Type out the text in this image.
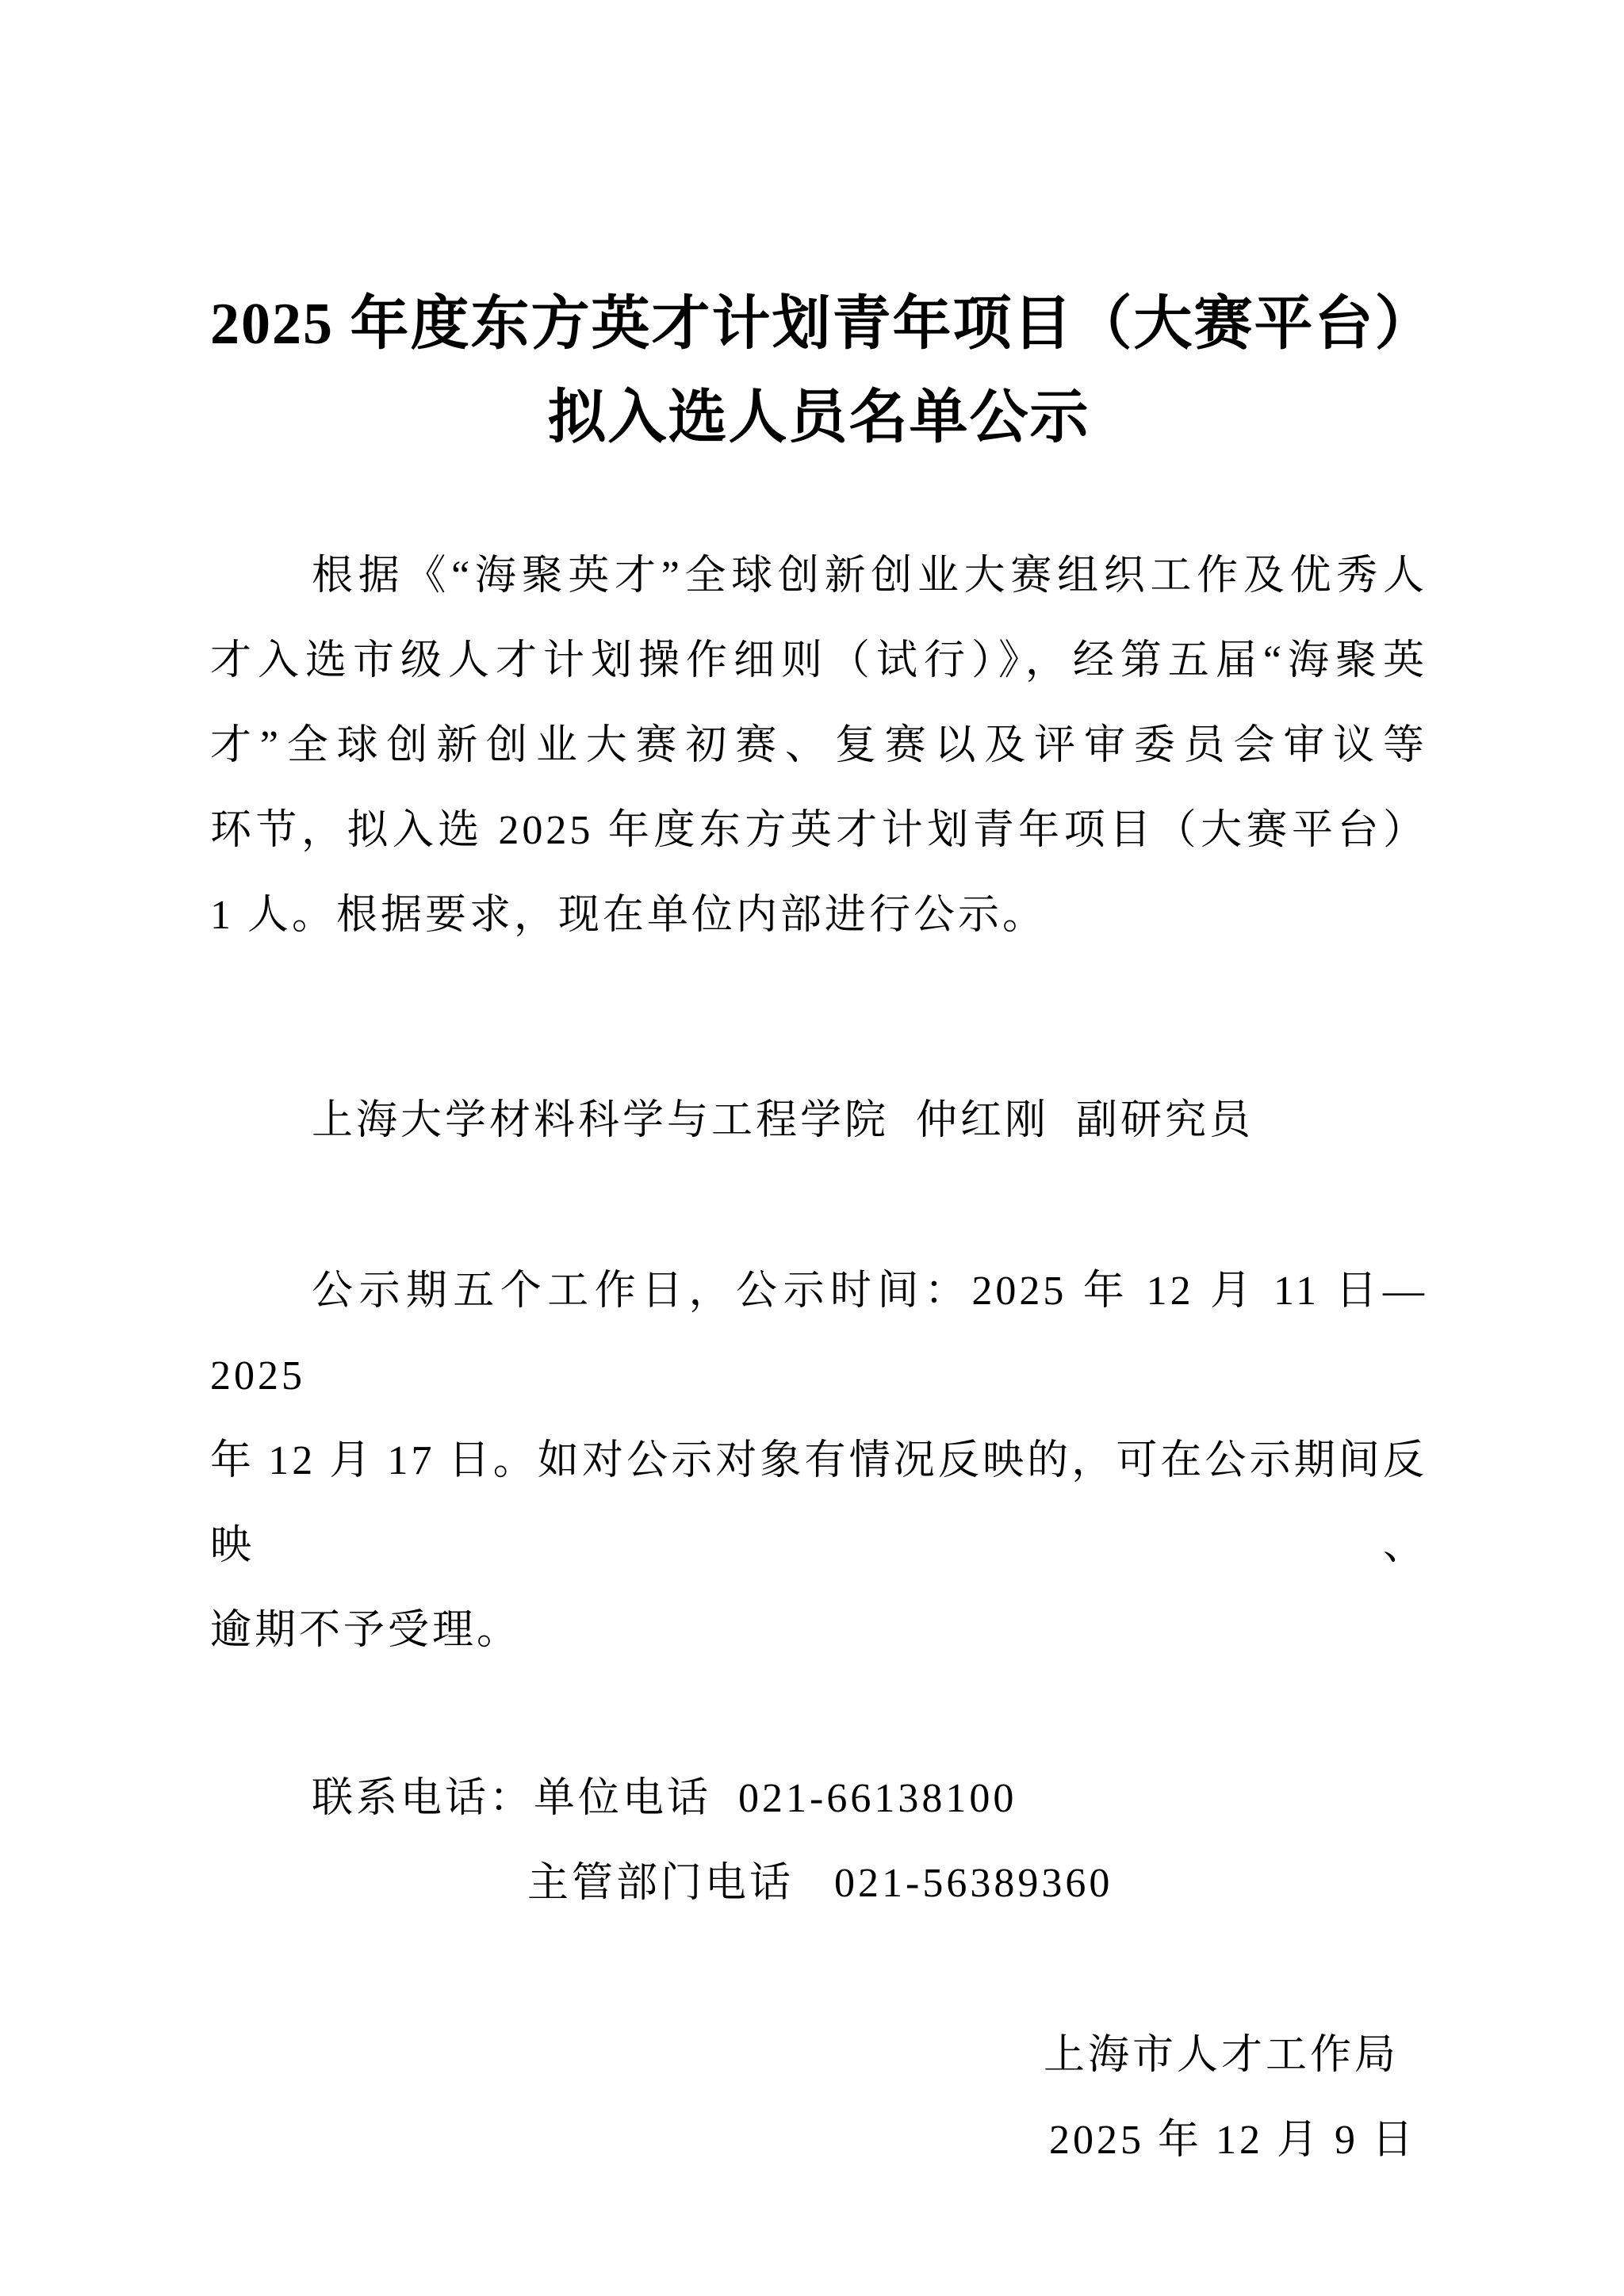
2025 年度东方英才计划青年项目（大赛平台）
拟入选人员名单公示
根据《“海聚英才”全球创新创业大赛组织工作及优秀人
才入选市级人才计划操作细则（试行）》，经第五届“海聚英
才”全球创新创业大赛初赛、复赛以及评审委员会审议等
环节，拟入选 2025 年度东方英才计划青年项目（大赛平台）
1 人。根据要求，现在单位内部进行公示。
上海大学材料科学与工程学院  仲红刚  副研究员
公示期五个工作日，公示时间：2025 年 12 月 11 日—2025
年 12 月 17 日。如对公示对象有情况反映的，可在公示期间反映、
逾期不予受理。
联系电话：单位电话  021-66138100
主管部门电话   021-56389360
上海市人才工作局
2025 年 12 月 9 日
